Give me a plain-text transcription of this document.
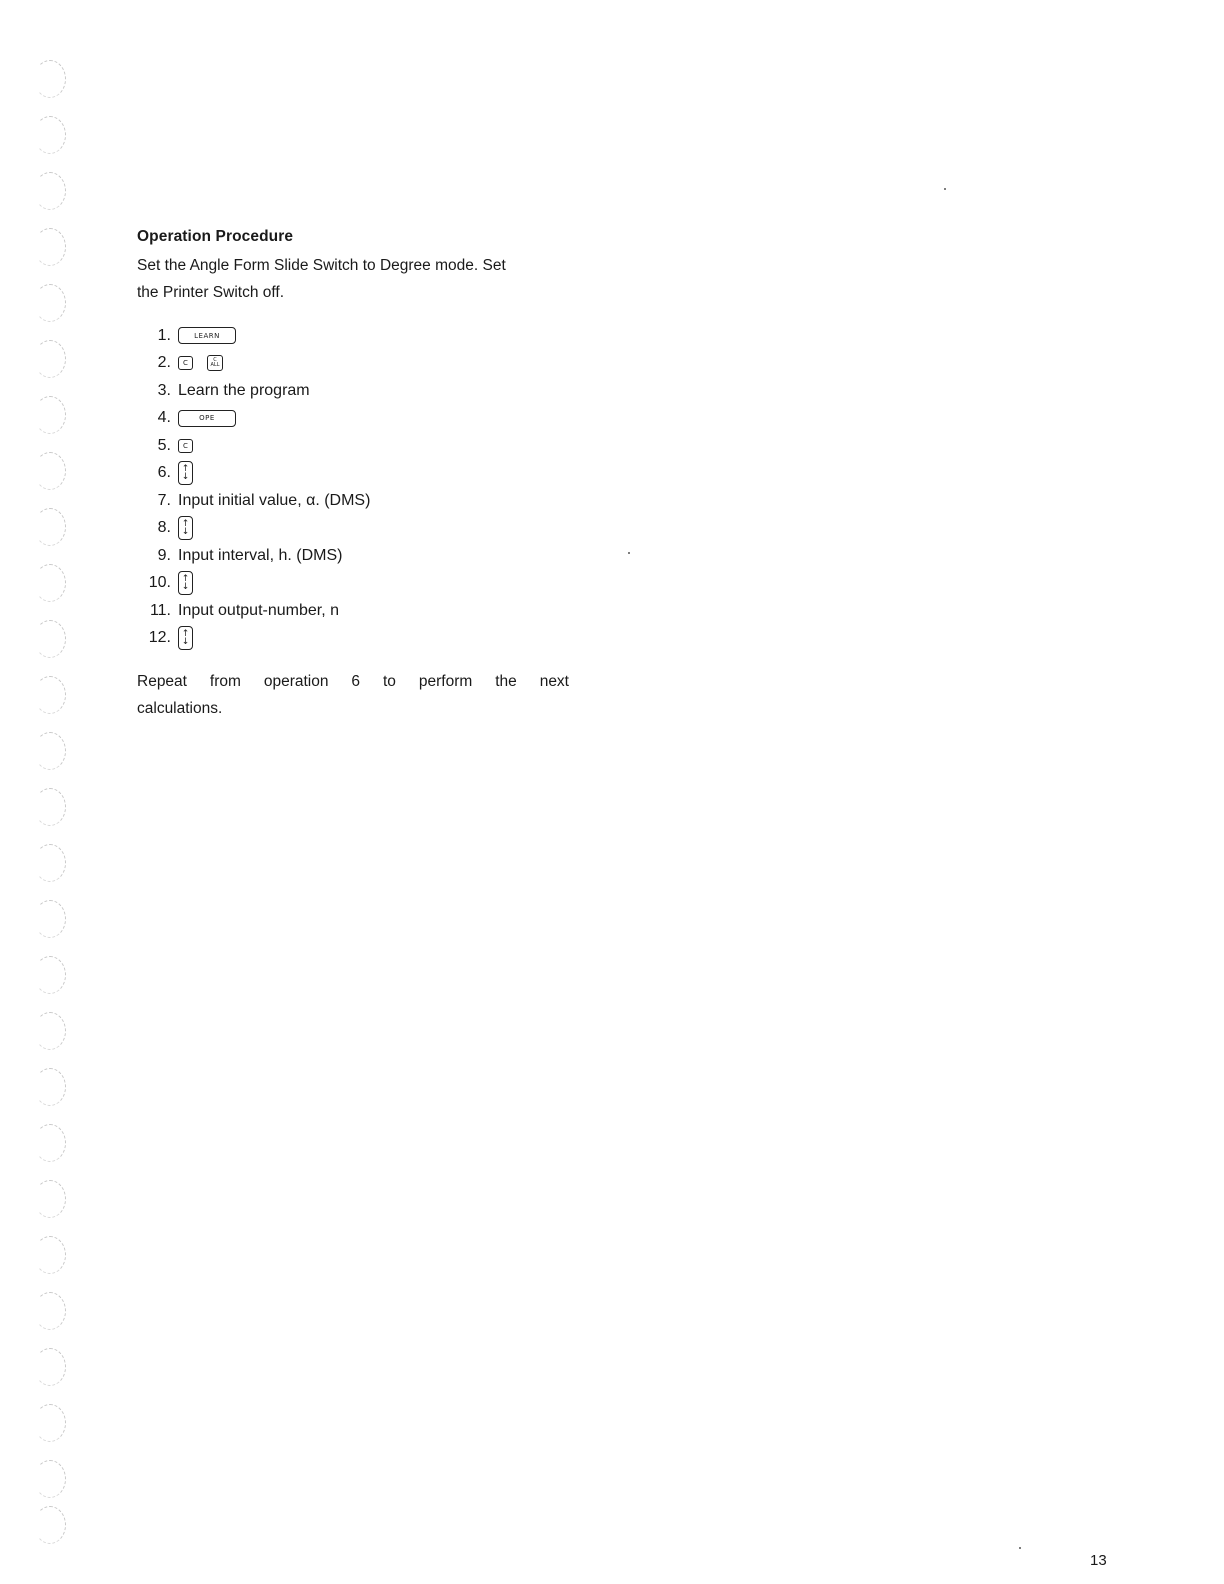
Operation Procedure

Set the Angle Form Slide Switch to Degree mode. Set

the Printer Switch off.

1.	LEARN
2.	C	C
ALL
3. Learn the program
4.	OPE
5.	C
6.	↑
↓
7. Input initial value, α. (DMS)
8.	↑
↓
9. Input interval, h. (DMS)
10.	↑
↓
11. Input output-number, n
12.	↑
↓

Repeat from operation 6 to perform the next

calculations.

13
